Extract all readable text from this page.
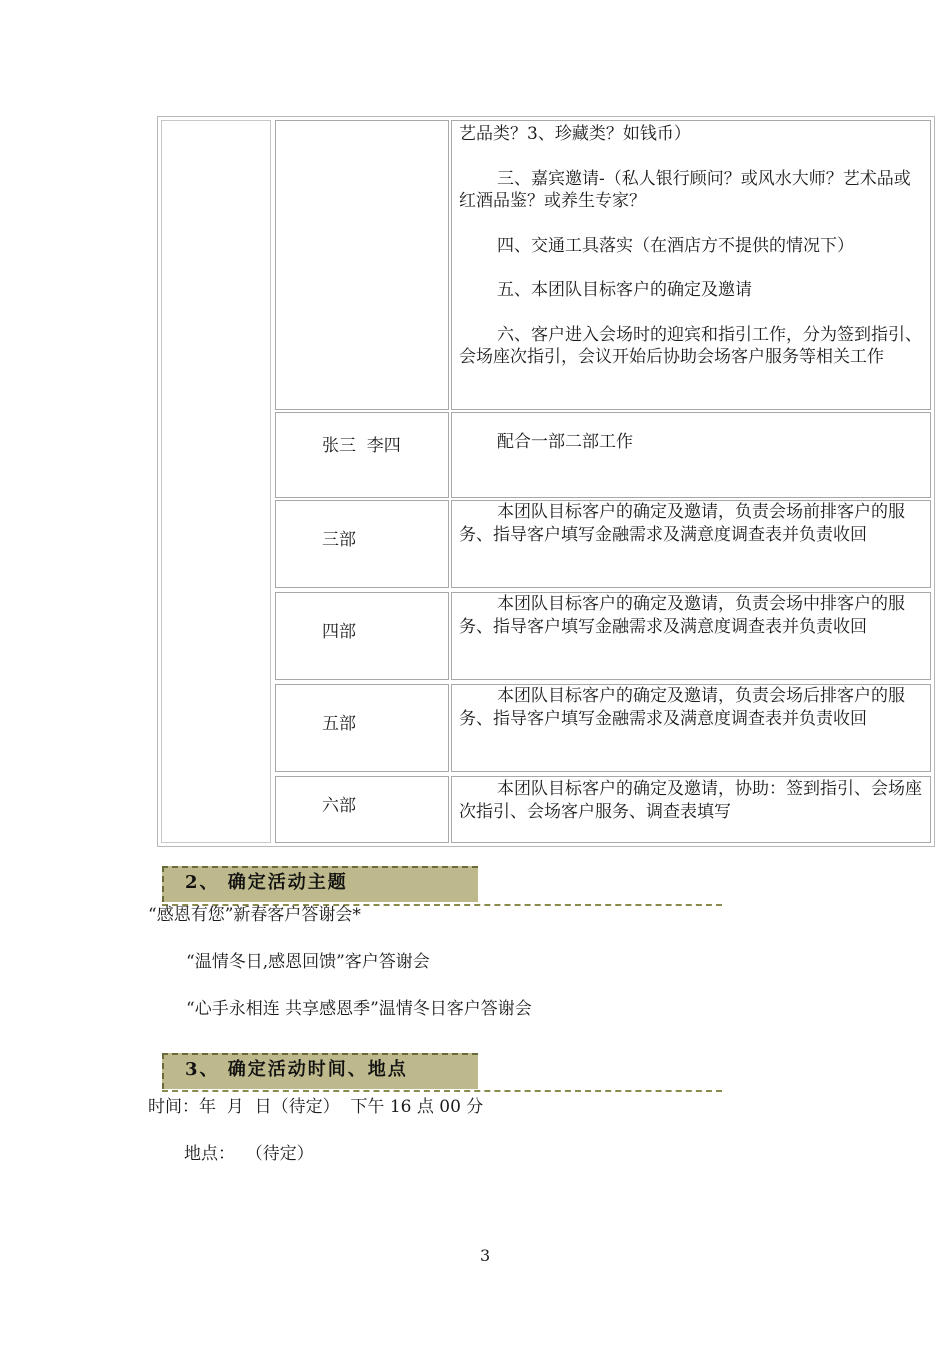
艺品类？3、珍藏类？如钱币）

三、嘉宾邀请-（私人银行顾问？或风水大师？艺术品或红酒品鉴？或养生专家？

四、交通工具落实（在酒店方不提供的情况下）

五、本团队目标客户的确定及邀请

六、客户进入会场时的迎宾和指引工作，分为签到指引、会场座次指引，会议开始后协助会场客户服务等相关工作

张三  李四	配合一部二部工作

三部

本团队目标客户的确定及邀请，负责会场前排客户的服务、指导客户填写金融需求及满意度调查表并负责收回

四部

本团队目标客户的确定及邀请，负责会场中排客户的服务、指导客户填写金融需求及满意度调查表并负责收回

五部

本团队目标客户的确定及邀请，负责会场后排客户的服务、指导客户填写金融需求及满意度调查表并负责收回

六部

本团队目标客户的确定及邀请，协助：签到指引、会场座次指引、会场客户服务、调查表填写

2、 确定活动主题
“感恩有您”新春客户答谢会*
“温情冬日,感恩回馈”客户答谢会
“心手永相连 共享感恩季”温情冬日客户答谢会
3、 确定活动时间、地点
时间：年  月  日（待定）  下午 16 点 00 分
地点：  （待定）
3
